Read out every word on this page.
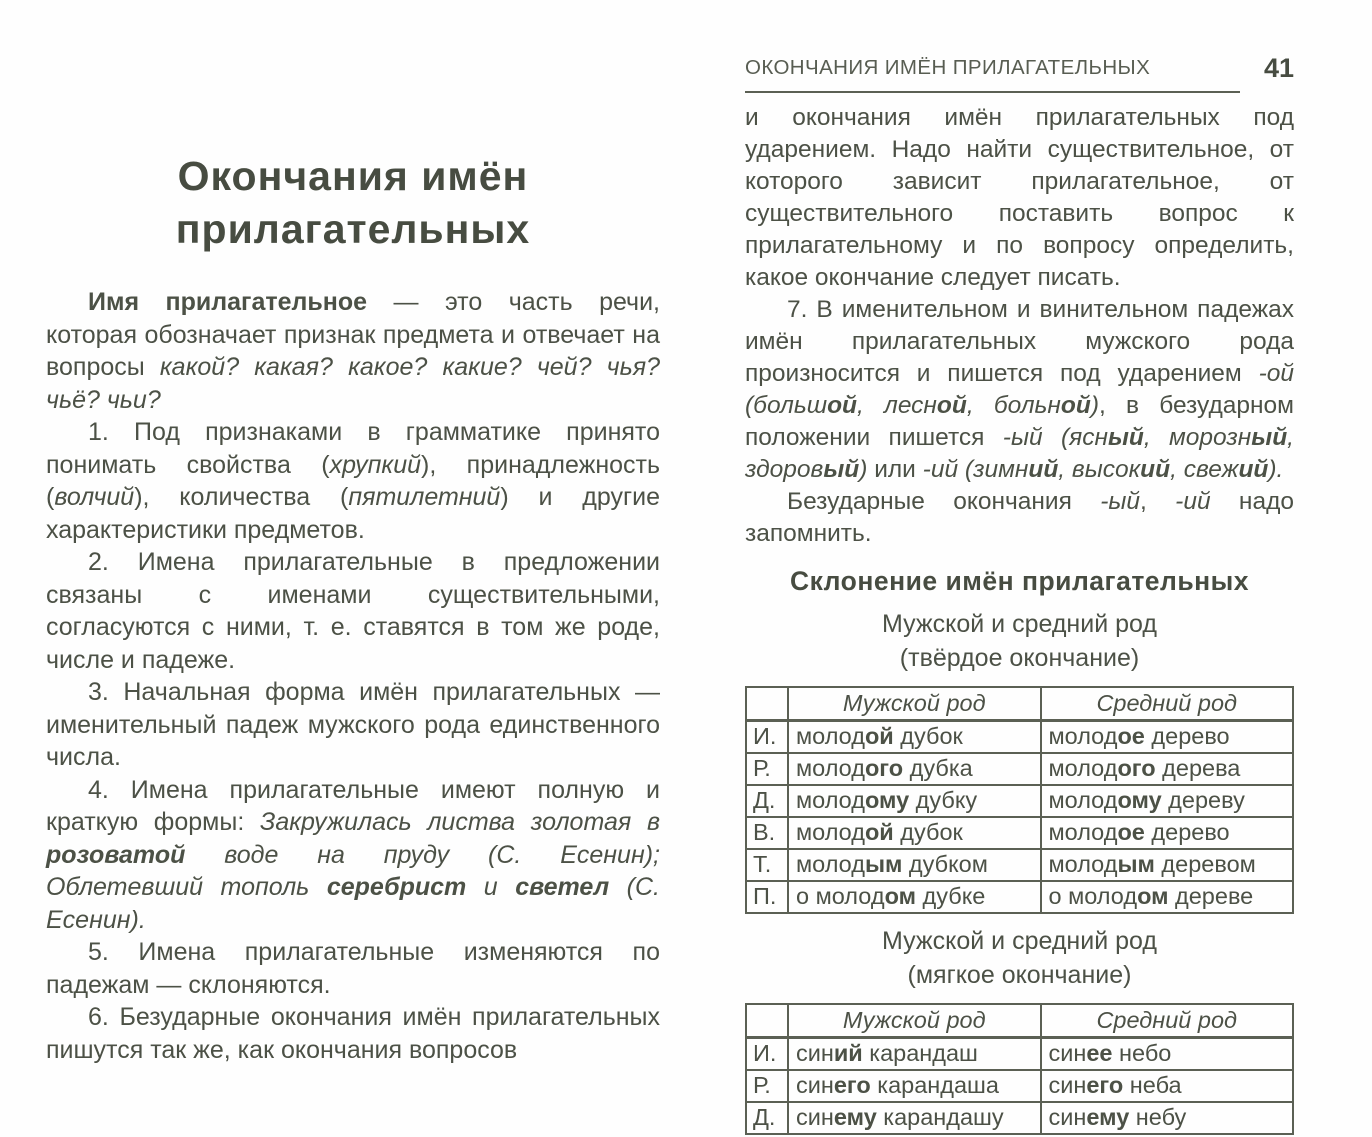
Окончания имён
прилагательных

Имя прилагательное — это часть речи, которая обозначает признак предмета и отвечает на вопросы какой? какая? какое? какие? чей? чья? чьё? чьи?

1. Под признаками в грамматике принято понимать свойства (хрупкий), принадлежность (волчий), количества (пятилетний) и другие характеристики предметов.

2. Имена прилагательные в предложении связаны с именами существительными, согласуются с ними, т. е. ставятся в том же роде, числе и падеже.

3. Начальная форма имён прилагательных — именительный падеж мужского рода единственного числа.

4. Имена прилагательные имеют полную и краткую формы: Закружилась листва золотая в розоватой воде на пруду (С. Есенин); Облетевший тополь серебрист и светел (С. Есенин).

5. Имена прилагательные изменяются по падежам — склоняются.

6. Безударные окончания имён прилагательных пишутся так же, как окончания вопросов

ОКОНЧАНИЯ ИМЁН ПРИЛАГАТЕЛЬНЫХ	41

и окончания имён прилагательных под ударением. Надо найти существительное, от которого зависит прилагательное, от существительного поставить вопрос к прилагательному и по вопросу определить, какое окончание следует писать.

7. В именительном и винительном падежах имён прилагательных мужского рода произносится и пишется под ударением -ой (большой, лесной, больной), в безударном положении пишется -ый (ясный, морозный, здоровый) или -ий (зимний, высокий, свежий).

Безударные окончания -ый, -ий надо запомнить.

Склонение имён прилагательных
Мужской и средний род
(твёрдое окончание)
	Мужской род	Средний род
И.	молодой дубок	молодое дерево
Р.	молодого дубка	молодого дерева
Д.	молодому дубку	молодому дереву
В.	молодой дубок	молодое дерево
Т.	молодым дубком	молодым деревом
П.	о молодом дубке	о молодом дереве
Мужской и средний род
(мягкое окончание)
	Мужской род	Средний род
И.	синий карандаш	синее небо
Р.	синего карандаша	синего неба
Д.	синему карандашу	синему небу
